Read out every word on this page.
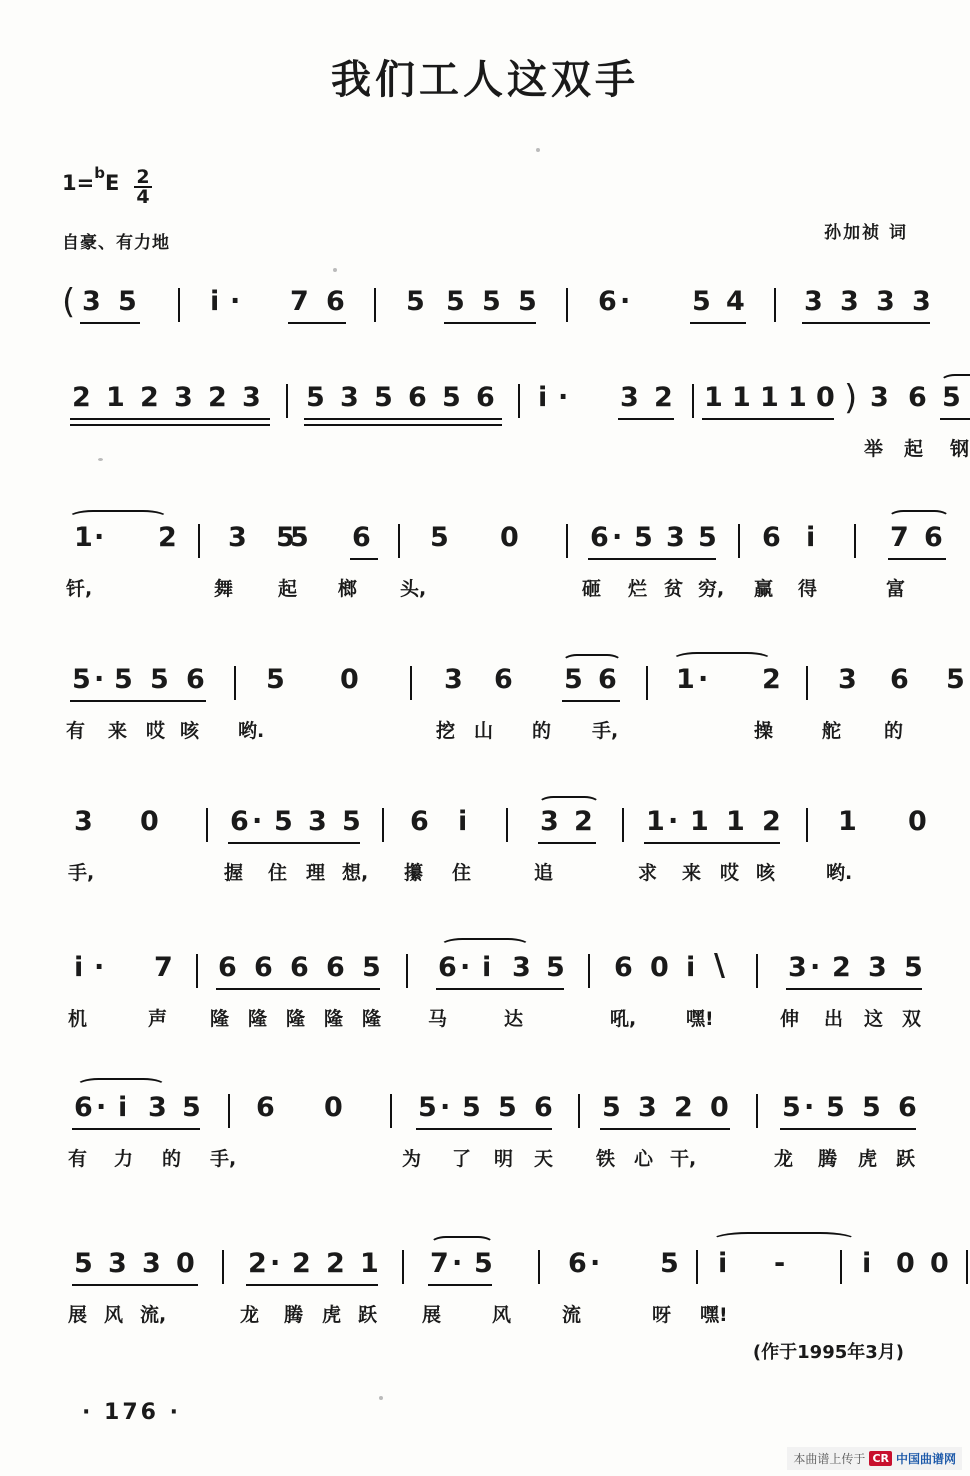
我们工人这双手
$1=^bE \frac{2}{4}$
自豪、有力地	孙加祯 词
( 3 5	i · 7 6 5 5 5 5 6 · 5 4 3 3 3 3
2 1 2 3 2 3 5 3 5 6 5 6 i · 3 2 1 1 1 1 0 ) 3 6
举 起 钢
5
1 · 2 3 5 6 5 0	6 · 5 3 5 6 i	7 6
钎,	舞 起 榔 头,	砸 烂 贫 穷, 赢 得	富
5
5 · 5 5 6 5 0	3 6 5 6 1 · 2 3 6 5
有 来 哎 咳 哟.	挖 山 的 手,	操	舵 的
3 0	6 · 5 3 5 6 i	3 2 1 · 1 1 2 1 0
手,	握 住 理 想, 攥 住	追	求 来 哎 咳	哟.
i · 7 6 6 6 6 5 6 · i 3 5 6 0 i \ 3 · 2 3 5
机	声 隆 隆 隆 隆 隆 马	达	吼,	嘿!	伸 出 这 双
6 · i 3 5 6 0	5 · 5 5 6 5 3 2 0 5 · 5 5 6
有 力 的 手,	为 了 明 天 铁 心 干,	龙 腾 虎 跃
5 3 3 0 2 · 2 2 1 7 · 5	6 · 5 i -	i 0 0
展 风 流,	龙 腾 虎 跃 展	风	流	呀 嘿!
(作于1995年3月)
· 176 ·
本曲谱上传于 CR 中国曲谱网
